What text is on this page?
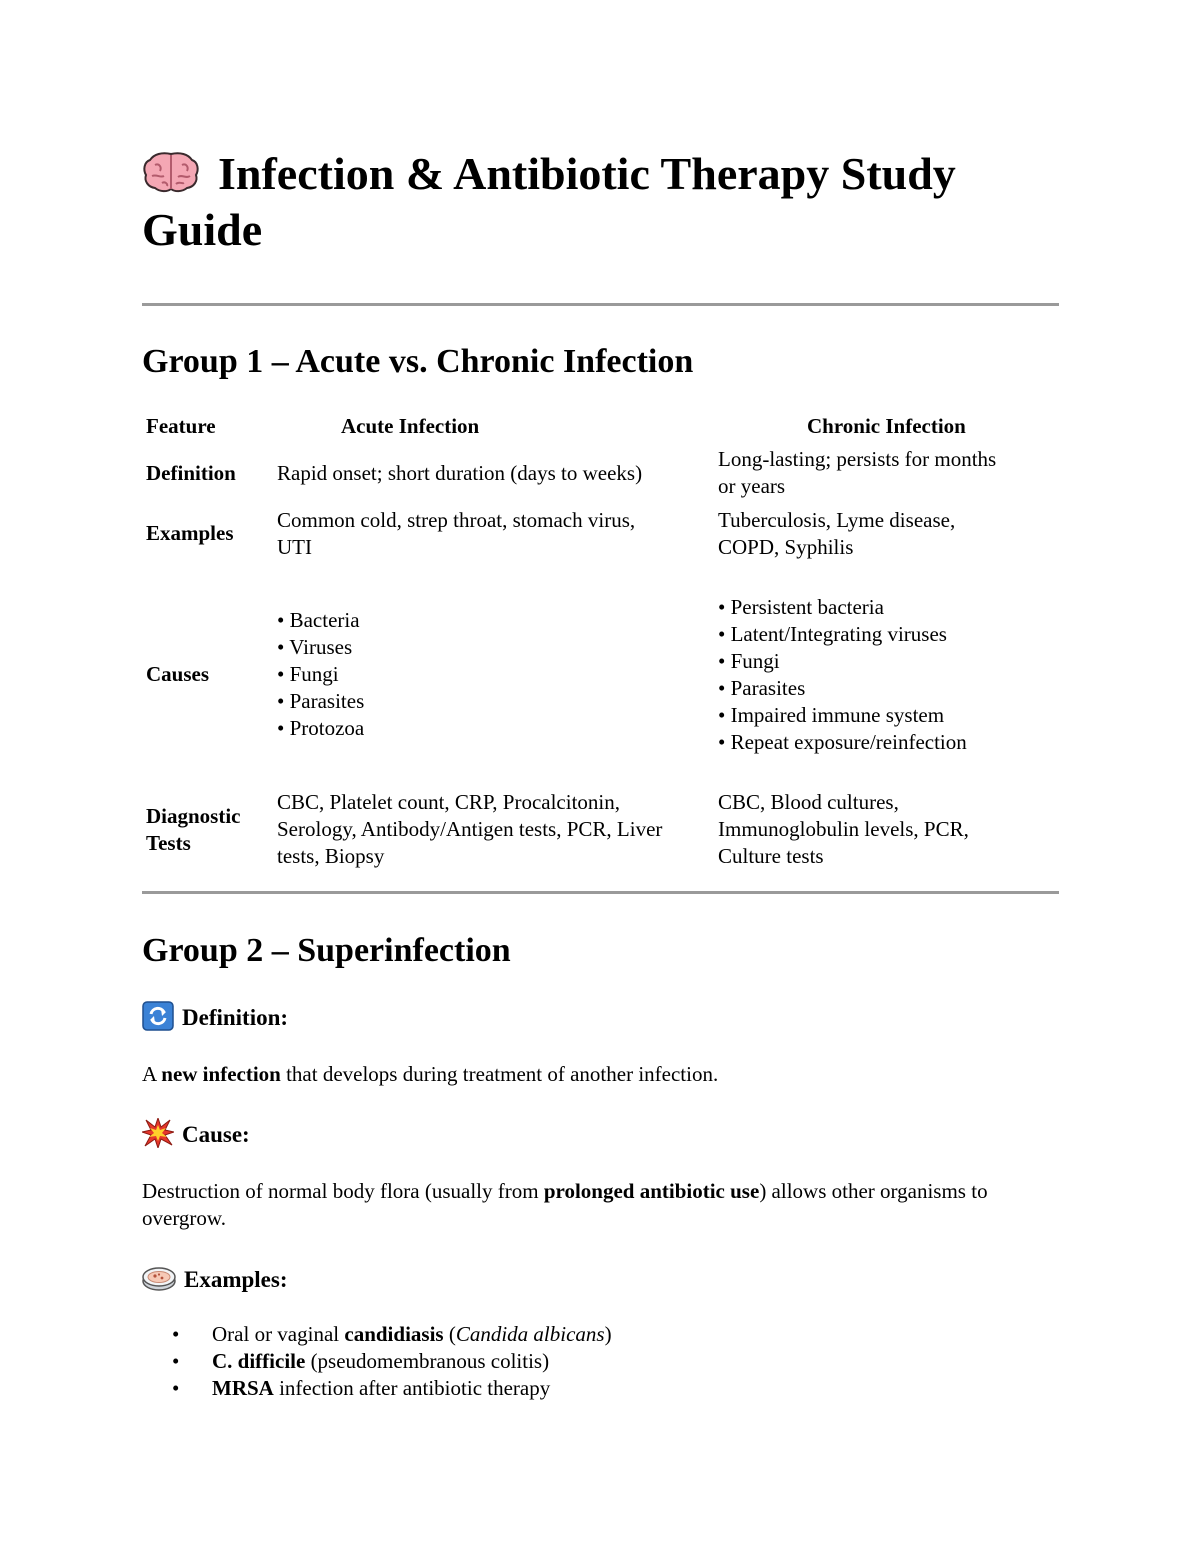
Infection & Antibiotic Therapy Study Guide
Group 1 – Acute vs. Chronic Infection
Feature	Acute Infection	Chronic Infection
Definition Rapid onset; short duration (days to weeks)
Long-lasting; persists for months
or years
Examples
Common cold, strep throat, stomach virus,
UTI
Tuberculosis, Lyme disease,
COPD, Syphilis
Causes
• Bacteria
• Viruses
• Fungi
• Parasites
• Protozoa
• Persistent bacteria
• Latent/Integrating viruses
• Fungi
• Parasites
• Impaired immune system
• Repeat exposure/reinfection
Diagnostic
Tests
CBC, Platelet count, CRP, Procalcitonin,
Serology, Antibody/Antigen tests, PCR, Liver
tests, Biopsy
CBC, Blood cultures,
Immunoglobulin levels, PCR,
Culture tests
Group 2 – Superinfection
Definition:

A new infection that develops during treatment of another infection.

Cause:

Destruction of normal body flora (usually from prolonged antibiotic use) allows other organisms to overgrow.

Examples:
• Oral or vaginal candidiasis (Candida albicans)
• C. difficile (pseudomembranous colitis)
• MRSA infection after antibiotic therapy
